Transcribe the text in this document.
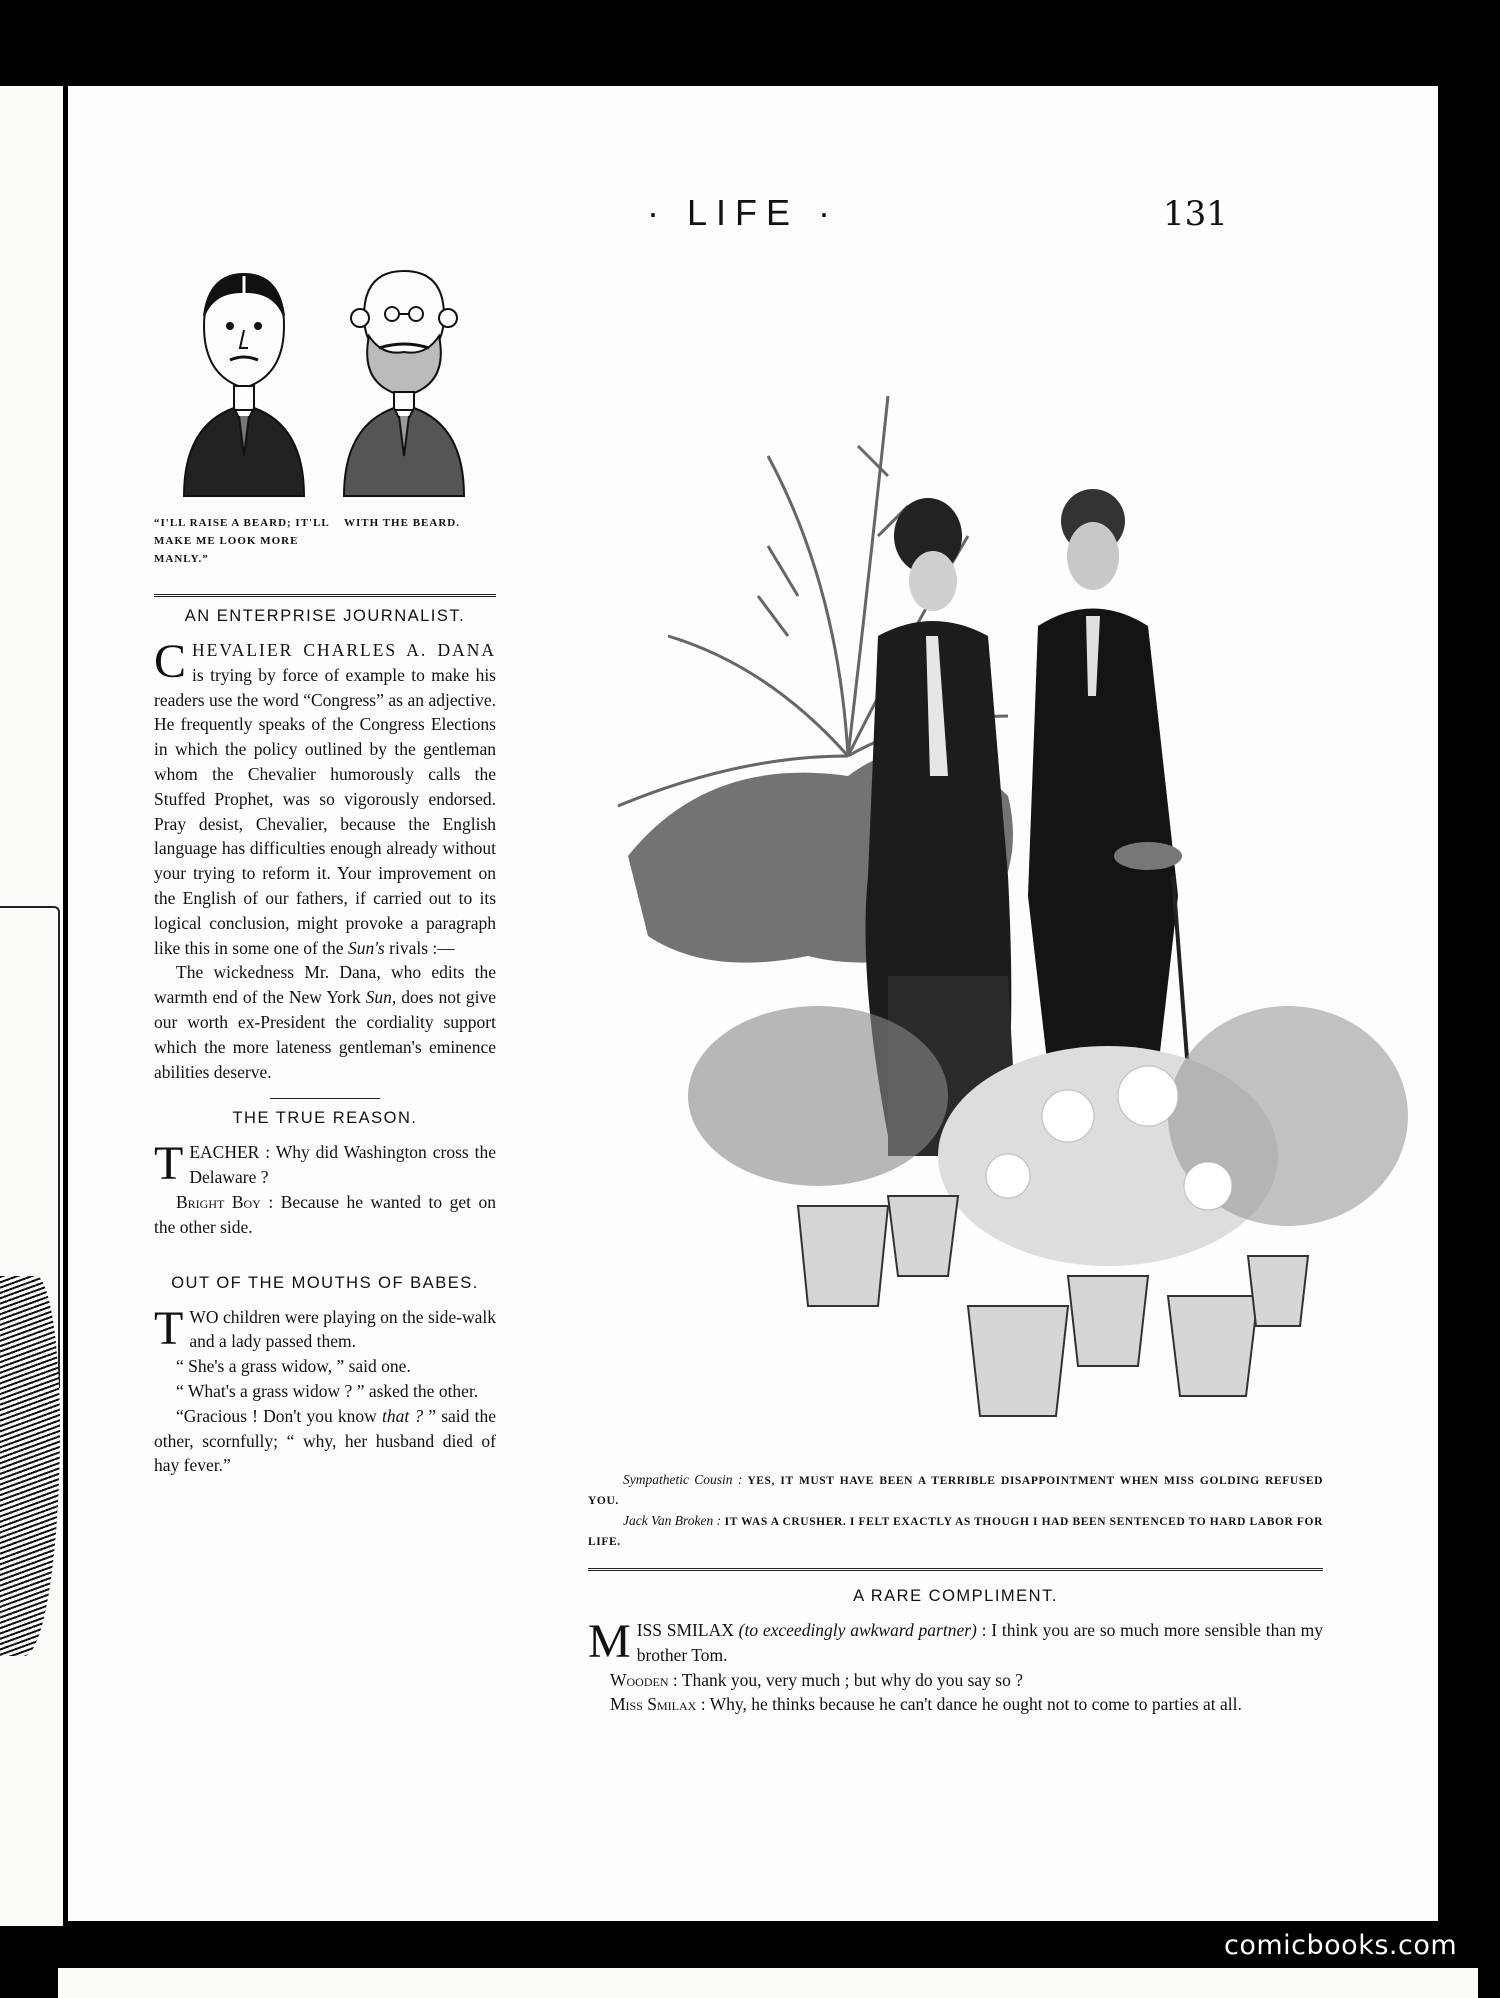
· LIFE ·	131
“I'LL RAISE A BEARD; IT'LL MAKE ME LOOK MORE MANLY.”
WITH THE BEARD.
AN ENTERPRISE JOURNALIST.

CHEVALIER CHARLES A. DANA is trying by force of example to make his readers use the word “Congress” as an adjective. He frequently speaks of the Congress Elections in which the policy outlined by the gentleman whom the Chevalier humorously calls the Stuffed Prophet, was so vigorously endorsed. Pray desist, Chevalier, because the English language has difficulties enough already without your trying to reform it. Your improvement on the English of our fathers, if carried out to its logical conclusion, might provoke a paragraph like this in some one of the Sun's rivals :—

The wickedness Mr. Dana, who edits the warmth end of the New York Sun, does not give our worth ex-President the cordiality support which the more lateness gentleman's eminence abilities deserve.

THE TRUE REASON.

TEACHER : Why did Washington cross the Delaware ?

Bright Boy : Because he wanted to get on the other side.

OUT OF THE MOUTHS OF BABES.

TWO children were playing on the side-walk and a lady passed them.

“ She's a grass widow, ” said one.

“ What's a grass widow ? ” asked the other.

“Gracious ! Don't you know that ? ” said the other, scornfully; “ why, her husband died of hay fever.”

Sympathetic Cousin : YES, IT MUST HAVE BEEN A TERRIBLE DISAPPOINTMENT WHEN MISS GOLDING REFUSED YOU.
Jack Van Broken : IT WAS A CRUSHER. I FELT EXACTLY AS THOUGH I HAD BEEN SENTENCED TO HARD LABOR FOR LIFE.
A RARE COMPLIMENT.

MISS SMILAX (to exceedingly awkward partner) : I think you are so much more sensible than my brother Tom.

Wooden : Thank you, very much ; but why do you say so ?

Miss Smilax : Why, he thinks because he can't dance he ought not to come to parties at all.

comicbooks.com
